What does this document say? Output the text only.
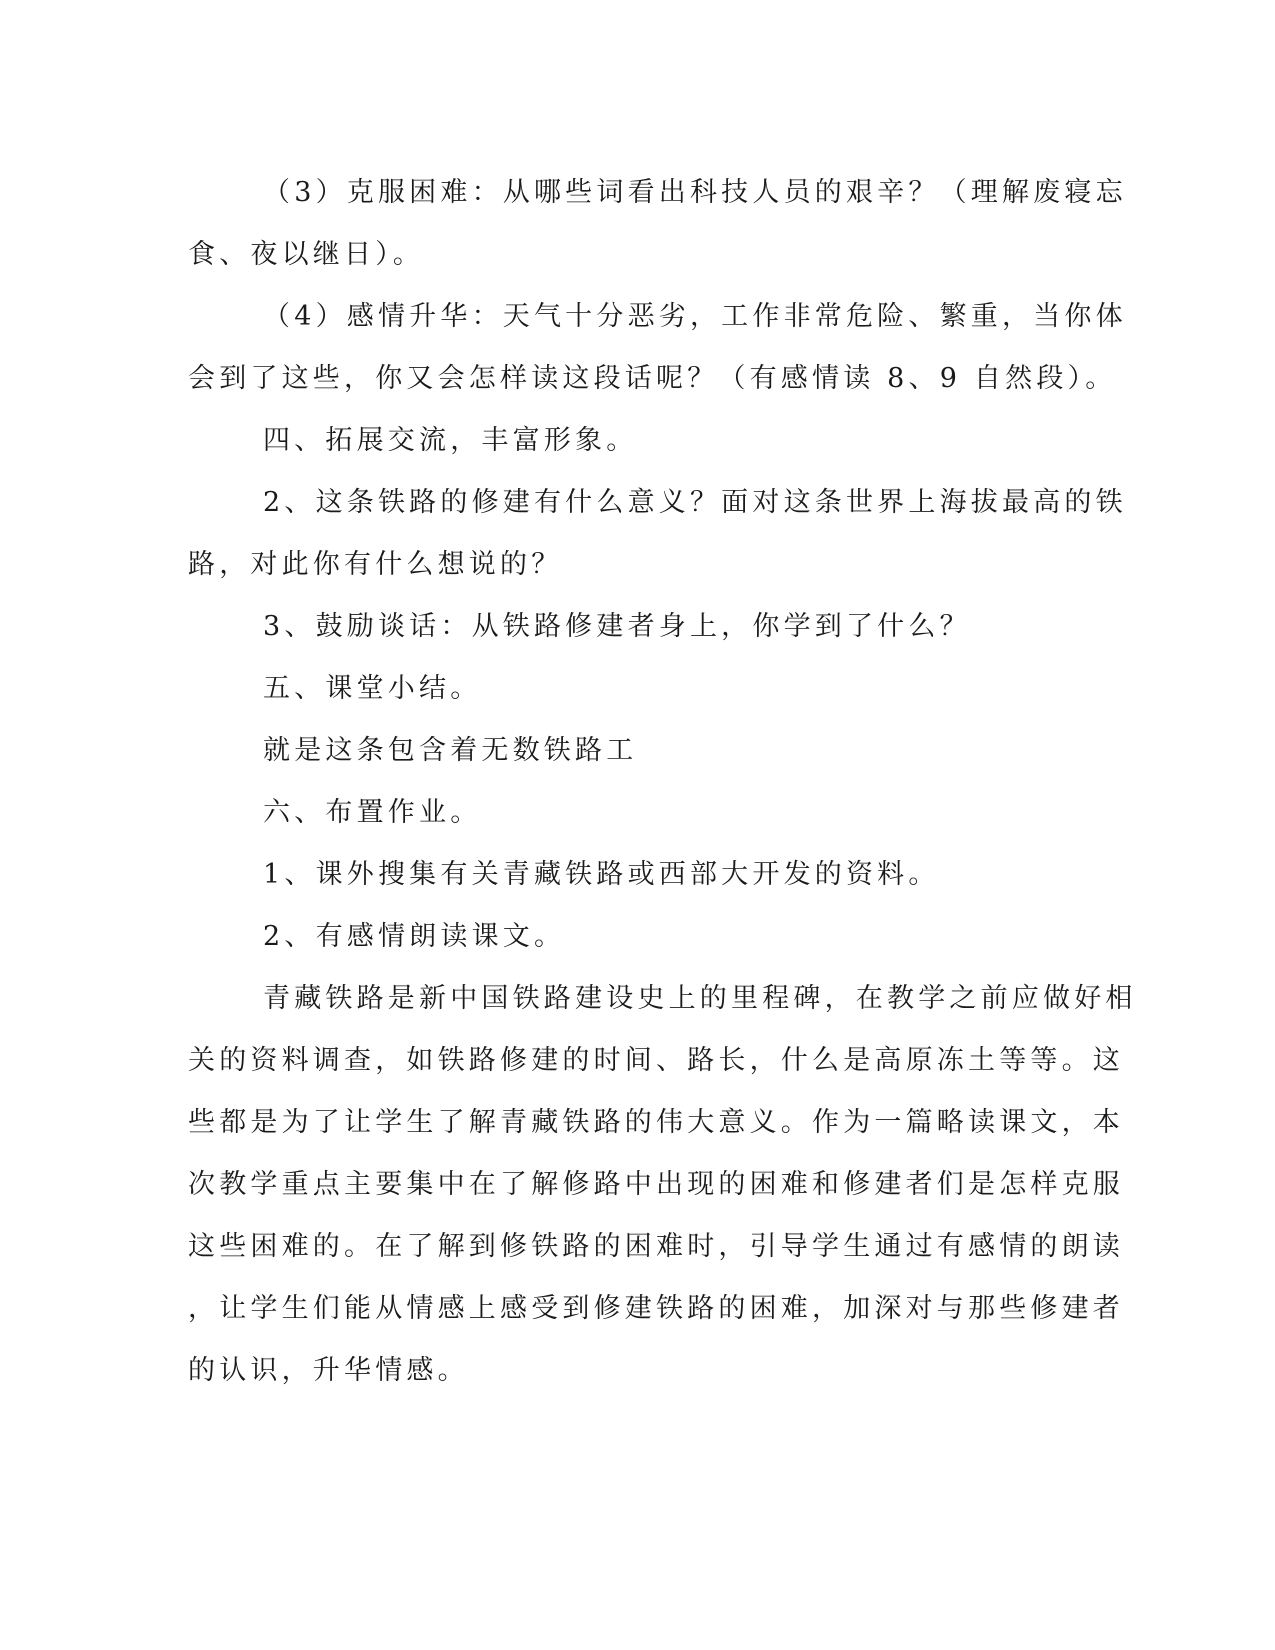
（3）克服困难：从哪些词看出科技人员的艰辛？（理解废寝忘
食、夜以继日）。
（4）感情升华：天气十分恶劣，工作非常危险、繁重，当你体
会到了这些，你又会怎样读这段话呢？（有感情读 8、9 自然段）。
四、拓展交流，丰富形象。
2、这条铁路的修建有什么意义？面对这条世界上海拔最高的铁
路，对此你有什么想说的？
3、鼓励谈话：从铁路修建者身上，你学到了什么？
五、课堂小结。
就是这条包含着无数铁路工
六、布置作业。
1、课外搜集有关青藏铁路或西部大开发的资料。
2、有感情朗读课文。
青藏铁路是新中国铁路建设史上的里程碑，在教学之前应做好相
关的资料调查，如铁路修建的时间、路长，什么是高原冻土等等。这
些都是为了让学生了解青藏铁路的伟大意义。作为一篇略读课文，本
次教学重点主要集中在了解修路中出现的困难和修建者们是怎样克服
这些困难的。在了解到修铁路的困难时，引导学生通过有感情的朗读
，让学生们能从情感上感受到修建铁路的困难，加深对与那些修建者
的认识，升华情感。
